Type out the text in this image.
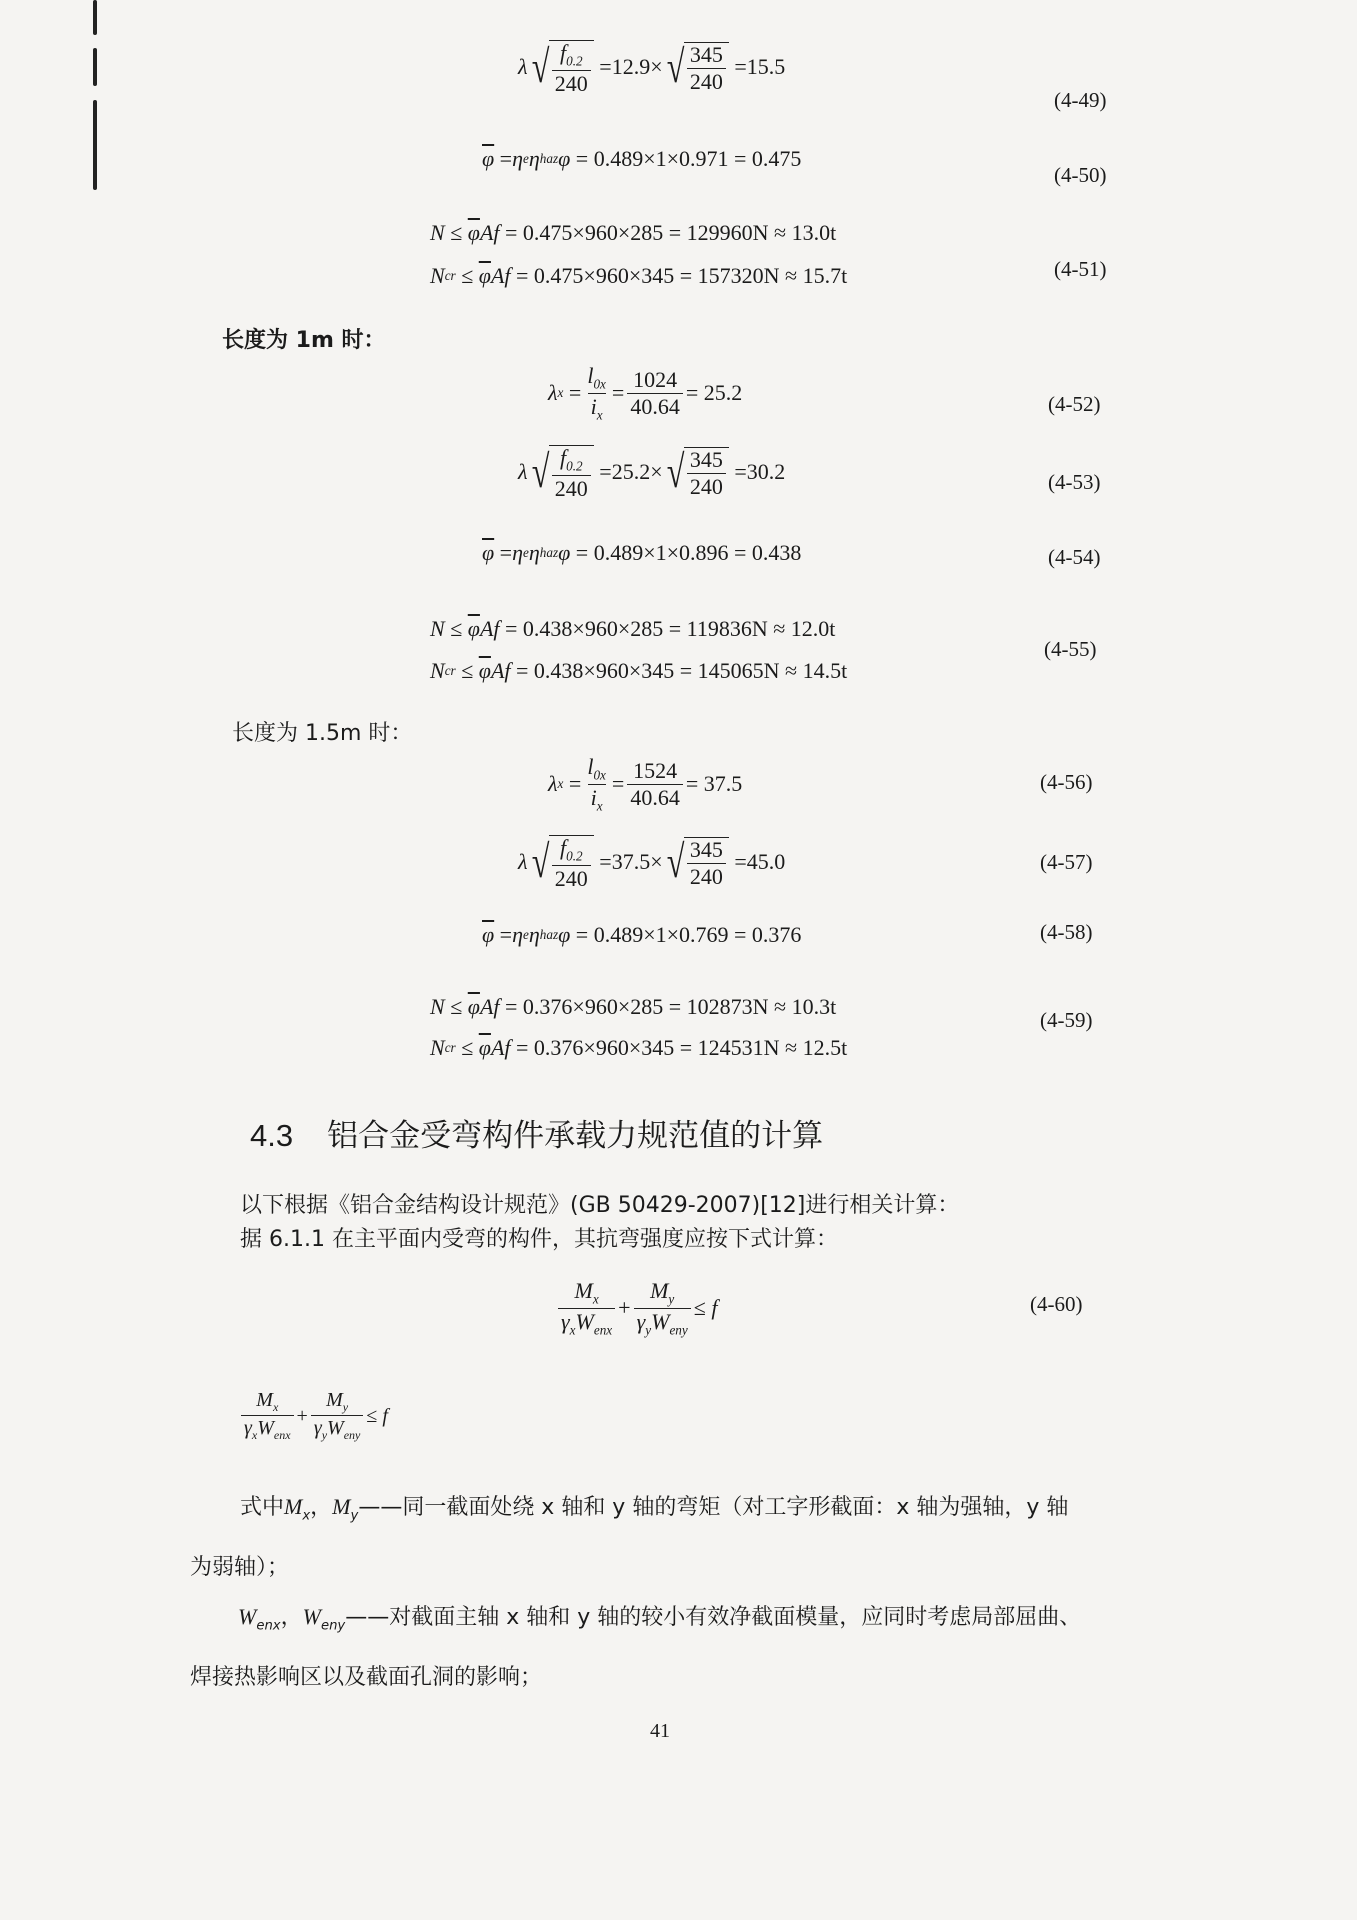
λ √ $\frac{f_{0.2}}{240} = 12.9$ × √ $\frac{345}{240} = 15.5$
(4-49)
$\overline{\varphi} = \eta$ e η haz φ
= 0.489×1×0.971 = 0.475
(4-50)
$N \le \overline{\varphi}$ Af
= 0.475×960×285 = 129960N ≈ 13.0t
N cr ≤ $\overline{\varphi}$ Af
= 0.475×960×345 = 157320N ≈ 15.7t	(4-51)
长度为 1m 时：
λ $x = \frac{l_{0x}}{i_x} = \frac{1024}{40.64} = 25.2$	(4-52)
λ √ $\frac{f_{0.2}}{240} = 25.2$ × √ $\frac{345}{240} = 30.2$	(4-53)
$\overline{\varphi} = \eta$ e η haz φ
= 0.489×1×0.896 = 0.438	(4-54)
$N \le \overline{\varphi}$ Af
= 0.438×960×285 = 119836N ≈ 12.0t
N cr ≤ $\overline{\varphi}$ Af
= 0.438×960×345 = 145065N ≈ 14.5t
(4-55)
长度为 1.5m 时：
λ $x = \frac{l_{0x}}{i_x} = \frac{1524}{40.64} = 37.5$	(4-56)
λ √ $\frac{f_{0.2}}{240} = 37.5$ × √ $\frac{345}{240} = 45.0$	(4-57)
$\overline{\varphi} = \eta$ e η haz φ
= 0.489×1×0.769 = 0.376	(4-58)
$N \le \overline{\varphi}$ Af
= 0.376×960×285 = 102873N ≈ 10.3t
N cr ≤ $\overline{\varphi}$ Af
= 0.376×960×345 = 124531N ≈ 12.5t
(4-59)
4.3 铝合金受弯构件承载力规范值的计算
以下根据《铝合金结构设计规范》(GB 50429-2007)[12]进行相关计算：
据 6.1.1 在主平面内受弯的构件，其抗弯强度应按下式计算：
$\frac{M_x}{\gamma_xW_{enx}} + \frac{M_y}{\gamma_yW_{eny}} \le f$	(4-60)
$\frac{M_x}{\gamma_xW_{enx}} + \frac{M_y}{\gamma_yW_{eny}} \le f$
式中$M_x$，$M_y——$同一截面处绕 x 轴和 y 轴的弯矩（对工字形截面：x 轴为强轴，y 轴
为弱轴）；
$W_{enx}$，$W_{eny}——$对截面主轴 x 轴和 y 轴的较小有效净截面模量，应同时考虑局部屈曲、
焊接热影响区以及截面孔洞的影响；
41
